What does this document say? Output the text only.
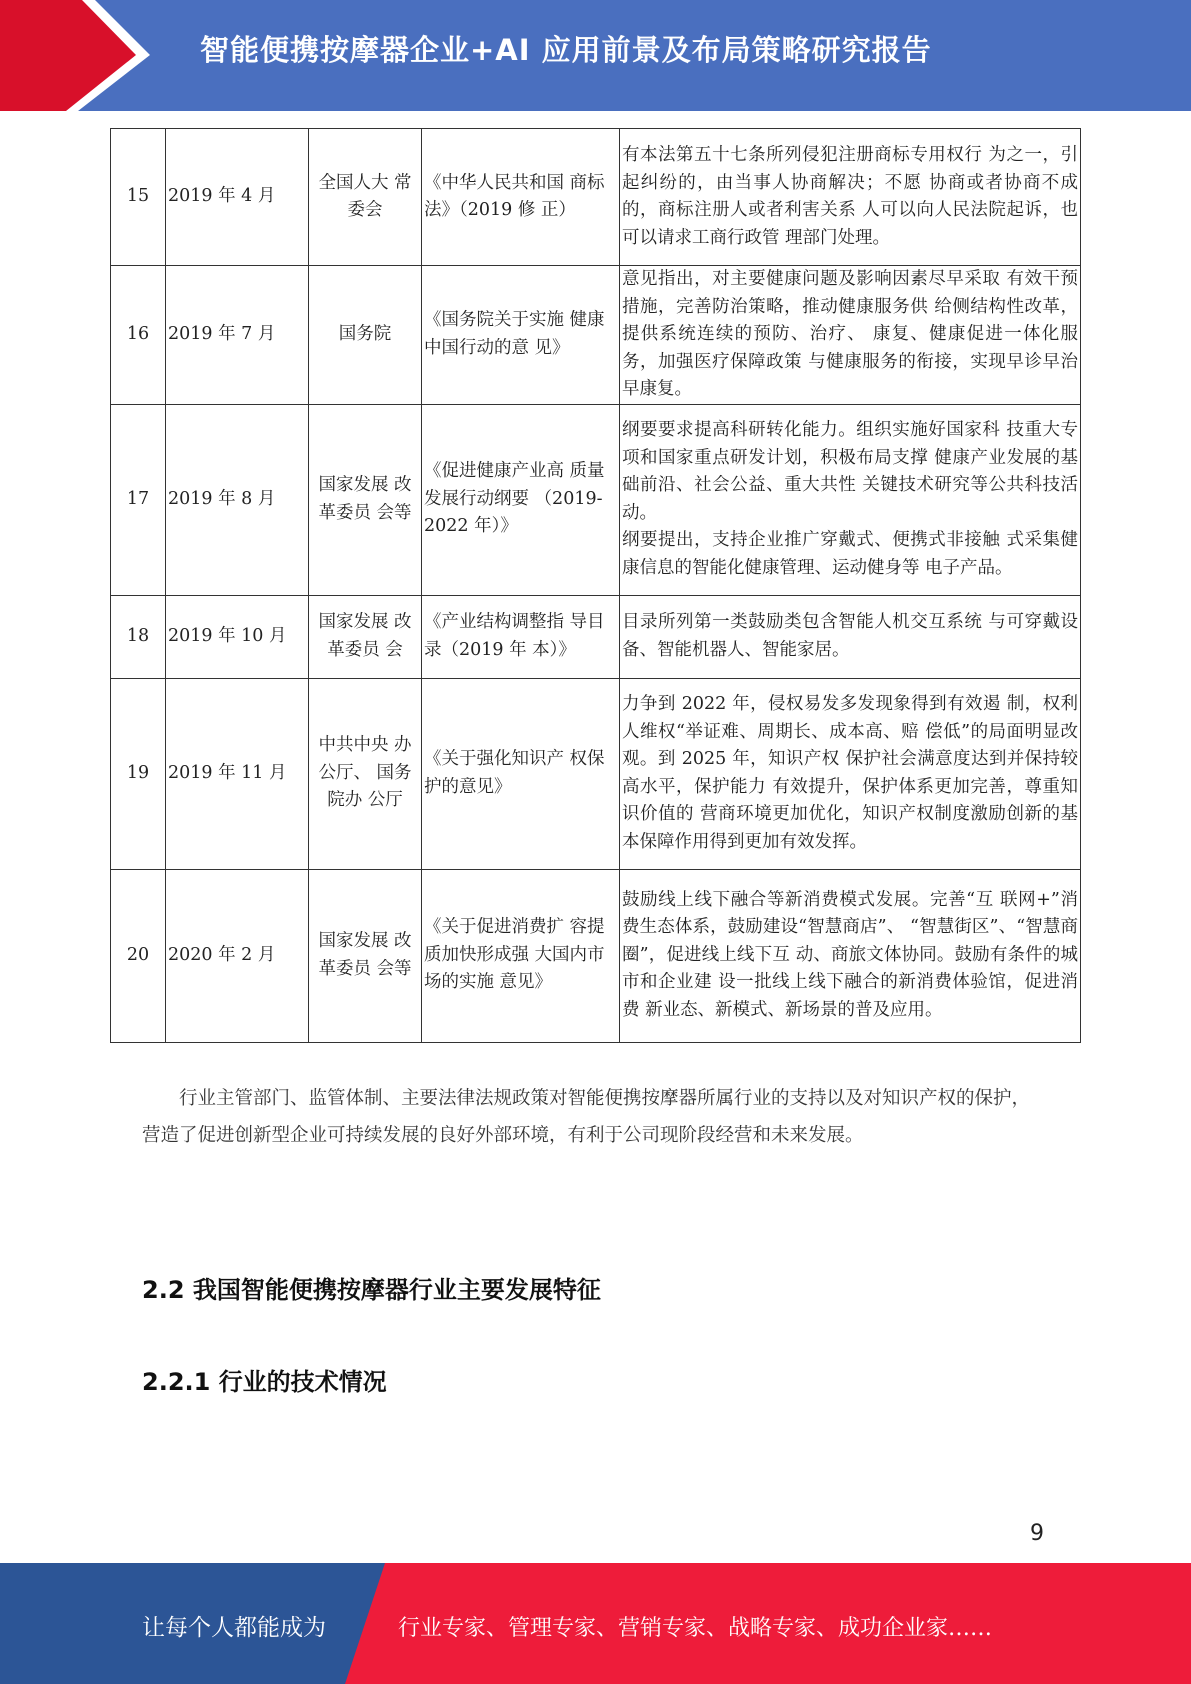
智能便携按摩器企业+AI 应用前景及布局策略研究报告
15	2019 年 4 月	全国人大 常委会	《中华人民共和国 商标法》（2019 修 正）	有本法第五十七条所列侵犯注册商标专用权行 为之一，引起纠纷的，由当事人协商解决；不愿 协商或者协商不成的，商标注册人或者利害关系 人可以向人民法院起诉，也可以请求工商行政管 理部门处理。
16	2019 年 7 月	国务院	《国务院关于实施 健康中国行动的意 见》	意见指出，对主要健康问题及影响因素尽早采取 有效干预措施，完善防治策略，推动健康服务供 给侧结构性改革，提供系统连续的预防、治疗、 康复、健康促进一体化服务，加强医疗保障政策 与健康服务的衔接，实现早诊早治早康复。
17	2019 年 8 月	国家发展 改革委员 会等	《促进健康产业高 质量发展行动纲要 （2019-2022 年）》	纲要要求提高科研转化能力。组织实施好国家科 技重大专项和国家重点研发计划，积极布局支撑 健康产业发展的基础前沿、社会公益、重大共性 关键技术研究等公共科技活动。
纲要提出，支持企业推广穿戴式、便携式非接触 式采集健康信息的智能化健康管理、运动健身等 电子产品。

18	2019 年 10 月	国家发展 改革委员 会	《产业结构调整指 导目录（2019 年 本）》	目录所列第一类鼓励类包含智能人机交互系统 与可穿戴设备、智能机器人、智能家居。
19	2019 年 11 月	中共中央 办公厅、 国务院办 公厅	《关于强化知识产 权保护的意见》	力争到 2022 年，侵权易发多发现象得到有效遏 制，权利人维权“举证难、周期长、成本高、赔 偿低”的局面明显改观。到 2025 年，知识产权 保护社会满意度达到并保持较高水平，保护能力 有效提升，保护体系更加完善，尊重知识价值的 营商环境更加优化，知识产权制度激励创新的基 本保障作用得到更加有效发挥。
20	2020 年 2 月	国家发展 改革委员 会等	《关于促进消费扩 容提质加快形成强 大国内市场的实施 意见》	鼓励线上线下融合等新消费模式发展。完善“互 联网+”消费生态体系，鼓励建设“智慧商店”、 “智慧街区”、“智慧商圈”，促进线上线下互 动、商旅文体协同。鼓励有条件的城市和企业建 设一批线上线下融合的新消费体验馆，促进消费 新业态、新模式、新场景的普及应用。
行业主管部门、监管体制、主要法律法规政策对智能便携按摩器所属行业的支持以及对知识产权的保护，营造了促进创新型企业可持续发展的良好外部环境，有利于公司现阶段经营和未来发展。
2.2 我国智能便携按摩器行业主要发展特征
2.2.1 行业的技术情况
9
让每个人都能成为	行业专家、管理专家、营销专家、战略专家、成功企业家……
